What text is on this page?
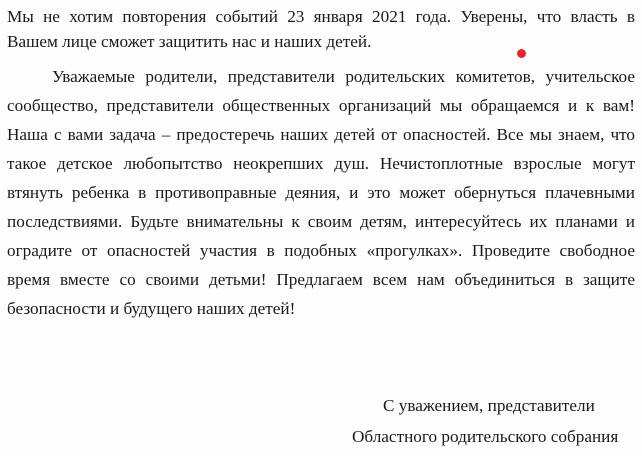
Мы не хотим повторения событий 23 января 2021 года. Уверены, что власть в
Вашем лице сможет защитить нас и наших детей.
Уважаемые родители, представители родительских комитетов, учительское
сообщество, представители общественных организаций мы обращаемся и к вам!
Наша с вами задача – предостеречь наших детей от опасностей. Все мы знаем, что
такое детское любопытство неокрепших душ. Нечистоплотные взрослые могут
втянуть ребенка в противоправные деяния, и это может обернуться плачевными
последствиями. Будьте внимательны к своим детям, интересуйтесь их планами и
оградите от опасностей участия в подобных «прогулках». Проведите свободное
время вместе со своими детьми! Предлагаем всем нам объединиться в защите
безопасности и будущего наших детей!
С уважением, представители
Областного родительского собрания
